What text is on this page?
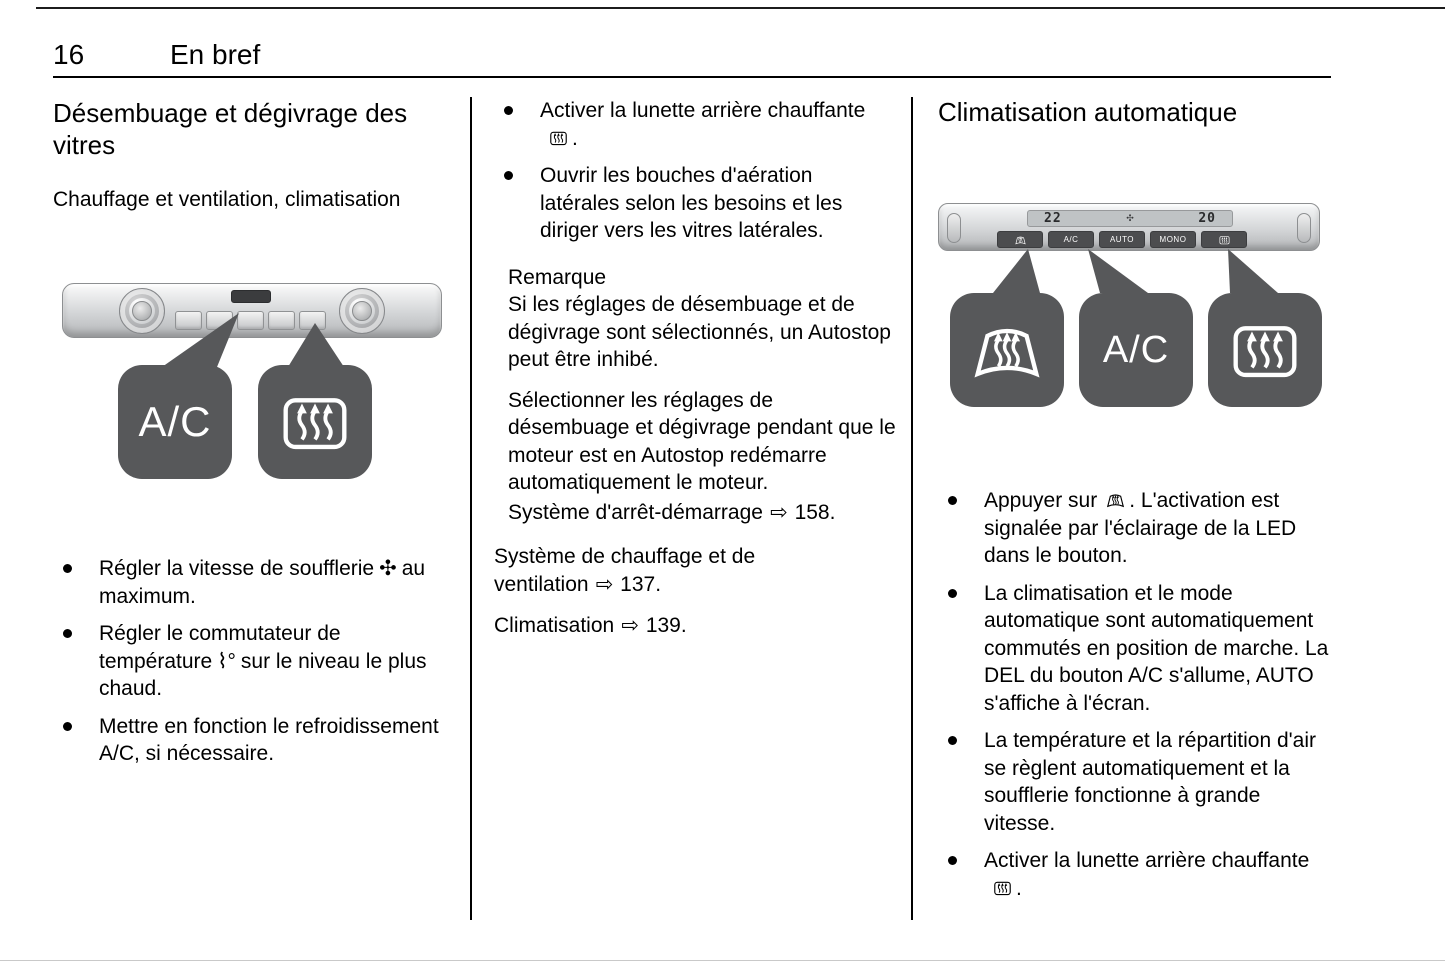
16	En bref
Désembuage et dégivrage des vitres
Chauffage et ventilation, climatisation
A/C
Régler la vitesse de soufflerie ✣ au maximum.
Régler le commutateur de température ⌇° sur le niveau le plus chaud.
Mettre en fonction le refroidissement A/C, si nécessaire.
Activer la lunette arrière chauffante.
Ouvrir les bouches d'aération latérales selon les besoins et les diriger vers les vitres latérales.

Remarque

Si les réglages de désembuage et de dégivrage sont sélectionnés, un Autostop peut être inhibé.

Sélectionner les réglages de désembuage et dégivrage pendant que le moteur est en Autostop redémarre automatiquement le moteur.

Système d'arrêt-démarrage ⇨ 158.

Système de chauffage et de ventilation ⇨ 137.

Climatisation ⇨ 139.

Climatisation automatique
22	✣	20
A/C	AUTO	MONO
A/C
Appuyer sur . L'activation est signalée par l'éclairage de la LED dans le bouton.
La climatisation et le mode automatique sont automatiquement commutés en position de marche. La DEL du bouton A/C s'allume, AUTO s'affiche à l'écran.
La température et la répartition d'air se règlent automatiquement et la soufflerie fonctionne à grande vitesse.
Activer la lunette arrière chauffante.
